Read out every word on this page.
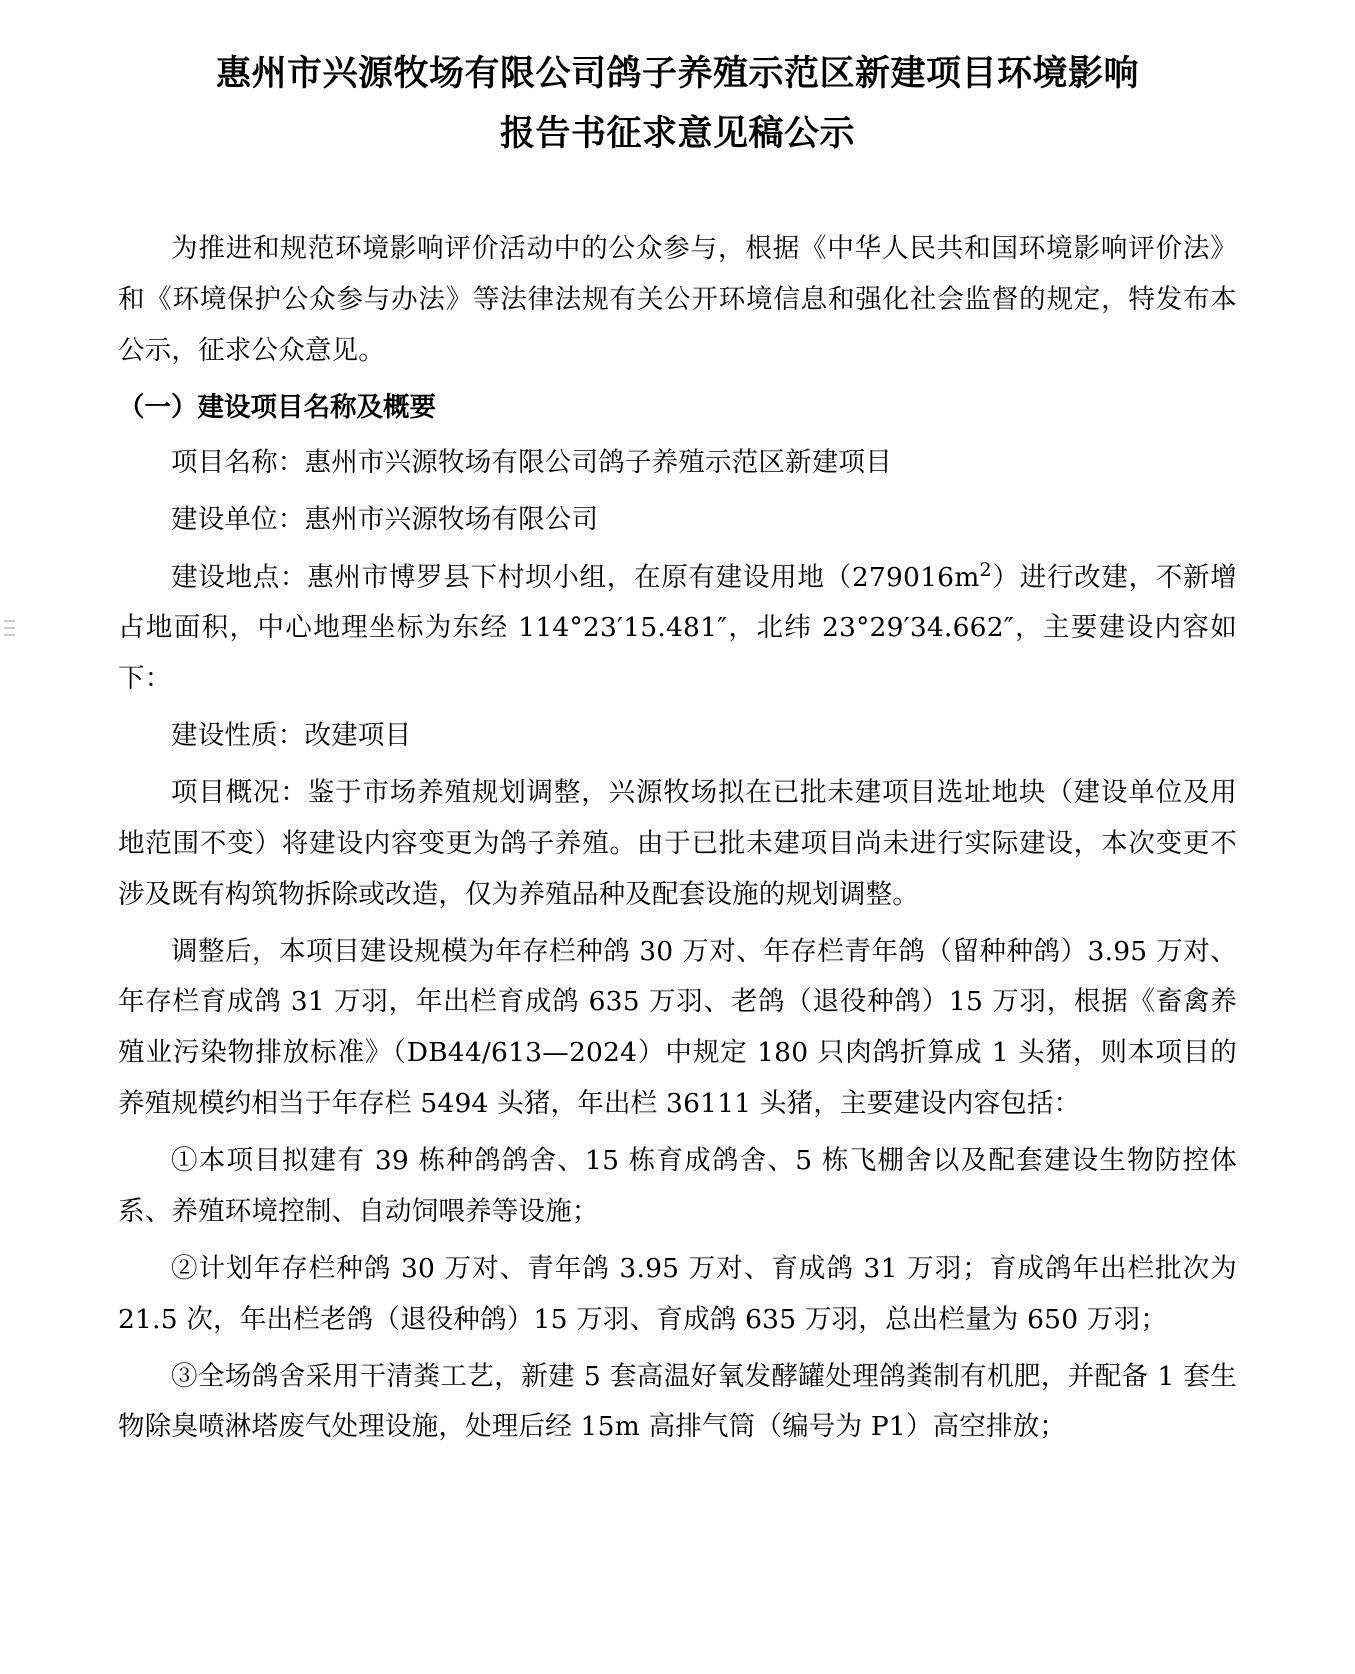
惠州市兴源牧场有限公司鸽子养殖示范区新建项目环境影响
报告书征求意见稿公示

为推进和规范环境影响评价活动中的公众参与，根据《中华人民共和国环境影响评价法》和《环境保护公众参与办法》等法律法规有关公开环境信息和强化社会监督的规定，特发布本公示，征求公众意见。

（一）建设项目名称及概要

项目名称：惠州市兴源牧场有限公司鸽子养殖示范区新建项目

建设单位：惠州市兴源牧场有限公司

建设地点：惠州市博罗县下村坝小组，在原有建设用地$(279016m^2)$进行改建，不新增占地面积，中心地理坐标为东经 114°23′15.481″，北纬 23°29′34.662″，主要建设内容如下：

建设性质：改建项目

项目概况：鉴于市场养殖规划调整，兴源牧场拟在已批未建项目选址地块（建设单位及用地范围不变）将建设内容变更为鸽子养殖。由于已批未建项目尚未进行实际建设，本次变更不涉及既有构筑物拆除或改造，仅为养殖品种及配套设施的规划调整。

调整后，本项目建设规模为年存栏种鸽 30 万对、年存栏青年鸽（留种种鸽）3.95 万对、年存栏育成鸽 31 万羽，年出栏育成鸽 635 万羽、老鸽（退役种鸽）15 万羽，根据《畜禽养殖业污染物排放标准》（DB44/613—2024）中规定 180 只肉鸽折算成 1 头猪，则本项目的养殖规模约相当于年存栏 5494 头猪，年出栏 36111 头猪，主要建设内容包括：

①本项目拟建有 39 栋种鸽鸽舍、15 栋育成鸽舍、5 栋飞棚舍以及配套建设生物防控体系、养殖环境控制、自动饲喂养等设施；

②计划年存栏种鸽 30 万对、青年鸽 3.95 万对、育成鸽 31 万羽；育成鸽年出栏批次为 21.5 次，年出栏老鸽（退役种鸽）15 万羽、育成鸽 635 万羽，总出栏量为 650 万羽；

③全场鸽舍采用干清粪工艺，新建 5 套高温好氧发酵罐处理鸽粪制有机肥，并配备 1 套生物除臭喷淋塔废气处理设施，处理后经 15m 高排气筒（编号为 P1）高空排放；
